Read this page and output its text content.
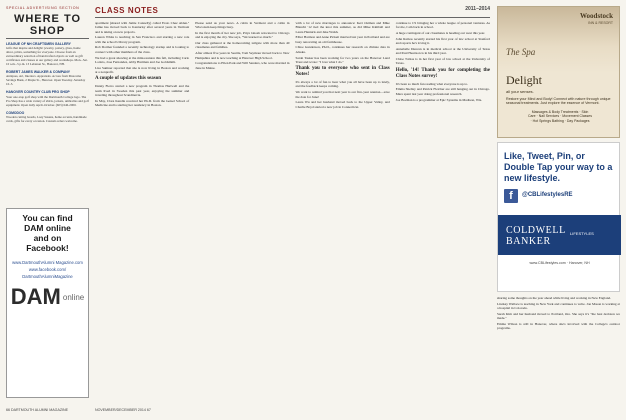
SPECIAL ADVERTISING SECTION
WHERE TO SHOP
LEAGUE OF NH CRAFTSMEN GALLERY
Gifts that inspire and delight: jewelry, pottery, glass, home décor, prints, something for everyone. Choose from an extraordinary selection of handcrafted objects as well as gift certificates and classes at our gallery and workshops. Mon.–Sat. 10 a.m.–5 p.m. 13 Lebanon St., Hanover, NH.
ROBERT JAMES WALKER & COMPANY
Antiques, Art, Interiors. Appraisals. Across from Mascoma Savings Bank, 2 Maple St., Hanover. Open Tuesday–Saturday 10–5.
HANOVER COUNTRY CLUB PRO SHOP
Your one-stop golf shop with the Dartmouth College logo. The Pro Shop has a wide variety of shirts, jackets, umbrellas and golf equipment. Open daily April–October. (603) 646-2000.
COMODOO
Wooden cutting boards, Lazy Susans, home accents, handmade cards, gifts for every occasion. Custom orders welcome.
You can find
DAM online
and on Facebook!
www.DartmouthAlumni Magazine.com
www.facebook.com/ DartmouthAlumniMagazine
DAM online
66 DARTMOUTH ALUMNI MAGAZINE
CLASS NOTES	2011–2014

apartment (shared with Jamie Connelly) called Erato Chez Alden." Jamie has moved back to Kentucky after several years in Vermont and is taking on new projects.

Lauren White is teaching in San Francisco and starting a new role with the school's library program.

Rob Dormer founded a recently technology startup and is looking to connect with other members of the class.

We had a great showing at the mini-reunion this fall, including Carlo Lodato, Jose Fernandez, Abby Hartman and Joe Goldsmith.

Lisa Sumner reported that she is now living in Boston and working at a nonprofit.

A couple of updates this season

Danny Fierro started a new program in Thomas Hartwell and the team lived in Sweden this past year, enjoying the summer and traveling throughout Scandinavia.

In May, Clara Kendle received her Ph.D. from the Geisel School of Medicine and is starting her residency in Boston.

Please send us your news. A cabin in Vermont and a cabin in Wisconsin keep things busy.

In the first month of her new job, Priya Ghosh relocated to Chicago and is enjoying the city. She says, "We learned so much."

Our class gathered at the homecoming tailgate with more than 40 classmates and families.

After almost five years in Seattle, Tom Seymour moved back to New Hampshire and is now teaching at Hanover High School.

Congratulations to Ellen Park and Will Sanders, who were married in June in Maine.

with a lot of new marriages to announce: Keri Ostman and Mike Blanchi '12 tied the knot this summer, as did Mike Kimball and Laura Hennick and Jake Walsh.

Elliot Harmon and Anne Pickett married last year in Portland and are busy renovating an old farmhouse.

Chloe Gunderson, Ph.D., continues her research on climate data in Alaska.

Sarah Tasker has been working for two years on the Hanover Land Trust and wrote: "I love what I do."

Thank you to everyone who sent in Class Notes!

It's always a lot of fun to hear what you all have been up to lately, and the feedback keeps coming.

We want to remind you that next year is our five-year reunion—save the date for June!

Laura Wu and her husband moved back to the Upper Valley, and Charlie Boyd started a new job in Connecticut.

continue to CS bringing her a whole league of personal ventures. As for me, I am back in school.

A huge contingent of our classmates is heading out west this year.

John Ramos recently started his first year of law school at Stanford and reports he's loving it.

Annabelle Duncan is in medical school at the University of Texas and Paul Heartson is in his third year.

Chloe Tobias is in her first year of law school at the University of Texas.

Hello, '14! Thank you for completing the Class Notes survey!

It's been so much fun reading what everyone is up to.

Emma Shelley and Patrick Fletcher are still hanging out in Chicago. Mara spent last year doing professional research.

Joe Bozman is a programmer at Epic Systems in Madison, Wis.

NOVEMBER/DECEMBER 2014 67
Woodstock
INN & RESORT
The Spa
Delight
all your senses.
Restore your Mind and Body! Connect with nature through unique seasonal treatments. Just explore the essence of Vermont.
Massages & Body Treatments · Skin Care · Nail Services · Movement Classes · Hot Springs Bathing · Day Packages
Like, Tweet, Pin, or Double Tap your way to a new lifestyle.
f	@CBLifestylesRE
COLDWELL
BANKER
LIFESTYLES
www.CBLifestyles.com · Hanover, NH

sharing some thoughts on the year ahead while living and working in New England.

Lindsay Wallace is teaching in New York and continues to write. Jon Mason is working at a hospital in Colorado.

Sarah Kim and her husband moved to Portland, Ore. She says it's "the best decision we made."

Emma Wilson is still in Hanover, where she's involved with the College's outdoor programs.
